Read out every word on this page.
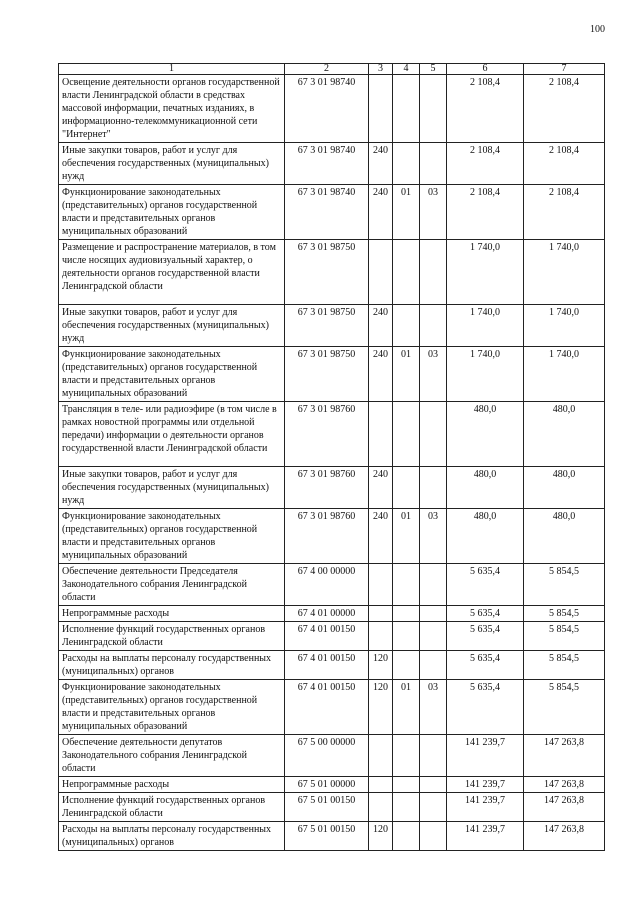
100
1	2	3	4	5	6	7
Освещение деятельности органов государственной власти Ленинградской области в средствах массовой информации, печатных изданиях, в информационно-телекоммуникационной сети "Интернет"	67 3 01 98740				2 108,4	2 108,4
Иные закупки товаров, работ и услуг для обеспечения государственных (муниципальных) нужд	67 3 01 98740	240			2 108,4	2 108,4
Функционирование законодательных (представительных) органов государственной власти и представительных органов муниципальных образований	67 3 01 98740	240	01	03	2 108,4	2 108,4
Размещение и распространение материалов, в том числе носящих аудиовизуальный характер, о деятельности органов государственной власти Ленинградской области	67 3 01 98750				1 740,0	1 740,0
Иные закупки товаров, работ и услуг для обеспечения государственных (муниципальных) нужд	67 3 01 98750	240			1 740,0	1 740,0
Функционирование законодательных (представительных) органов государственной власти и представительных органов муниципальных образований	67 3 01 98750	240	01	03	1 740,0	1 740,0
Трансляция в теле- или радиоэфире (в том числе в рамках новостной программы или отдельной передачи) информации о деятельности органов государственной власти Ленинградской области	67 3 01 98760				480,0	480,0
Иные закупки товаров, работ и услуг для обеспечения государственных (муниципальных) нужд	67 3 01 98760	240			480,0	480,0
Функционирование законодательных (представительных) органов государственной власти и представительных органов муниципальных образований	67 3 01 98760	240	01	03	480,0	480,0
Обеспечение деятельности Председателя Законодательного собрания Ленинградской области	67 4 00 00000				5 635,4	5 854,5
Непрограммные расходы	67 4 01 00000				5 635,4	5 854,5
Исполнение функций государственных органов Ленинградской области	67 4 01 00150				5 635,4	5 854,5
Расходы на выплаты персоналу государственных (муниципальных) органов	67 4 01 00150	120			5 635,4	5 854,5
Функционирование законодательных (представительных) органов государственной власти и представительных органов муниципальных образований	67 4 01 00150	120	01	03	5 635,4	5 854,5
Обеспечение деятельности депутатов Законодательного собрания Ленинградской области	67 5 00 00000				141 239,7	147 263,8
Непрограммные расходы	67 5 01 00000				141 239,7	147 263,8
Исполнение функций государственных органов Ленинградской области	67 5 01 00150				141 239,7	147 263,8
Расходы на выплаты персоналу государственных (муниципальных) органов	67 5 01 00150	120			141 239,7	147 263,8
